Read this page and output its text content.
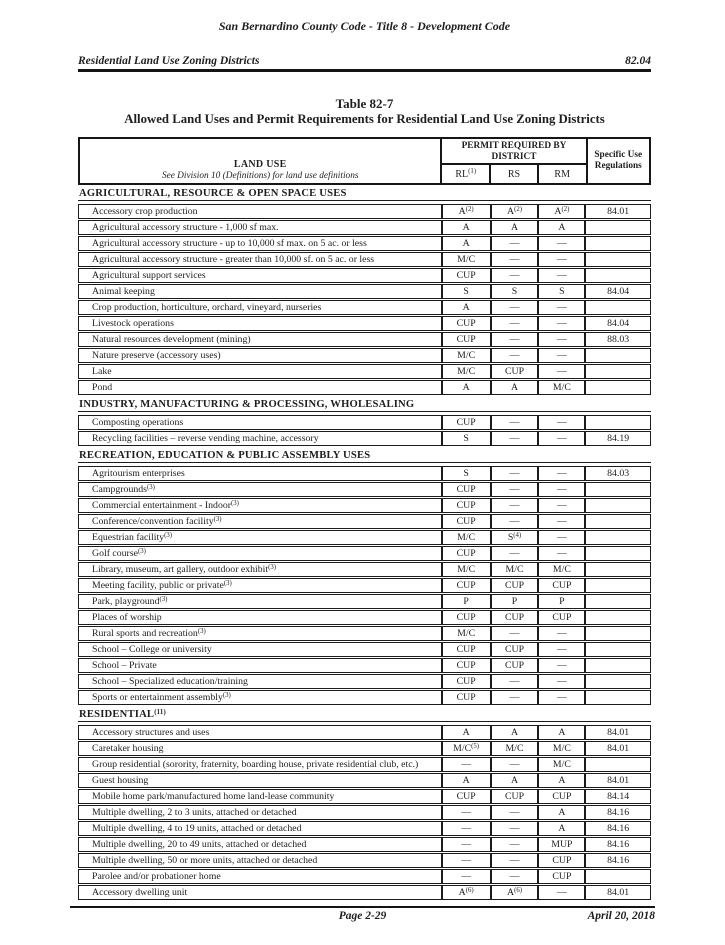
San Bernardino County Code - Title 8 - Development Code
Residential Land Use Zoning Districts	82.04
Table 82-7
Allowed Land Uses and Permit Requirements for Residential Land Use Zoning Districts
LAND USE
See Division 10 (Definitions) for land use definitions
PERMIT REQUIRED BY DISTRICT	Specific Use Regulations
RL$^{(1)}$	RS	RM
AGRICULTURAL, RESOURCE & OPEN SPACE USES
Accessory crop production	$A^{(2)}$	$A^{(2)}$	$A^{(2)}$	84.01
Agricultural accessory structure - 1,000 sf max.	A	A	A
Agricultural accessory structure - up to 10,000 sf max. on 5 ac. or less	A	—	—
Agricultural accessory structure - greater than 10,000 sf. on 5 ac. or less	M/C	—	—
Agricultural support services	CUP	—	—
Animal keeping	S	S	S	84.04
Crop production, horticulture, orchard, vineyard, nurseries	A	—	—
Livestock operations	CUP	—	—	84.04
Natural resources development (mining)	CUP	—	—	88.03
Nature preserve (accessory uses)	M/C	—	—
Lake	M/C	CUP	—
Pond	A	A	M/C
INDUSTRY, MANUFACTURING & PROCESSING, WHOLESALING
Composting operations	CUP	—	—
Recycling facilities – reverse vending machine, accessory	S	—	—	84.19
RECREATION, EDUCATION & PUBLIC ASSEMBLY USES
Agritourism enterprises	S	—	—	84.03
Campgrounds$^{(3)}$	CUP	—	—
Commercial entertainment - Indoor$^{(3)}$	CUP	—	—
Conference/convention facility$^{(3)}$	CUP	—	—
Equestrian facility$^{(3)}$	M/C	$S^{(4)}$	—
Golf course$^{(3)}$	CUP	—	—
Library, museum, art gallery, outdoor exhibit$^{(3)}$	M/C	M/C	M/C
Meeting facility, public or private$^{(3)}$	CUP	CUP	CUP
Park, playground$^{(3)}$	P	P	P
Places of worship	CUP	CUP	CUP
Rural sports and recreation$^{(3)}$	M/C	—	—
School – College or university	CUP	CUP	—
School – Private	CUP	CUP	—
School – Specialized education/training	CUP	—	—
Sports or entertainment assembly$^{(3)}$	CUP	—	—
RESIDENTIAL$^{(11)}$
Accessory structures and uses	A	A	A	84.01
Caretaker housing	$M/C^{(5)}$	M/C	M/C	84.01
Group residential (sorority, fraternity, boarding house, private residential club, etc.)	—	—	M/C
Guest housing	A	A	A	84.01
Mobile home park/manufactured home land-lease community	CUP	CUP	CUP	84.14
Multiple dwelling, 2 to 3 units, attached or detached	—	—	A	84.16
Multiple dwelling, 4 to 19 units, attached or detached	—	—	A	84.16
Multiple dwelling, 20 to 49 units, attached or detached	—	—	MUP	84.16
Multiple dwelling, 50 or more units, attached or detached	—	—	CUP	84.16
Parolee and/or probationer home	—	—	CUP
Accessory dwelling unit	$A^{(6)}$	$A^{(6)}$	—	84.01
Page 2-29	April 20, 2018
